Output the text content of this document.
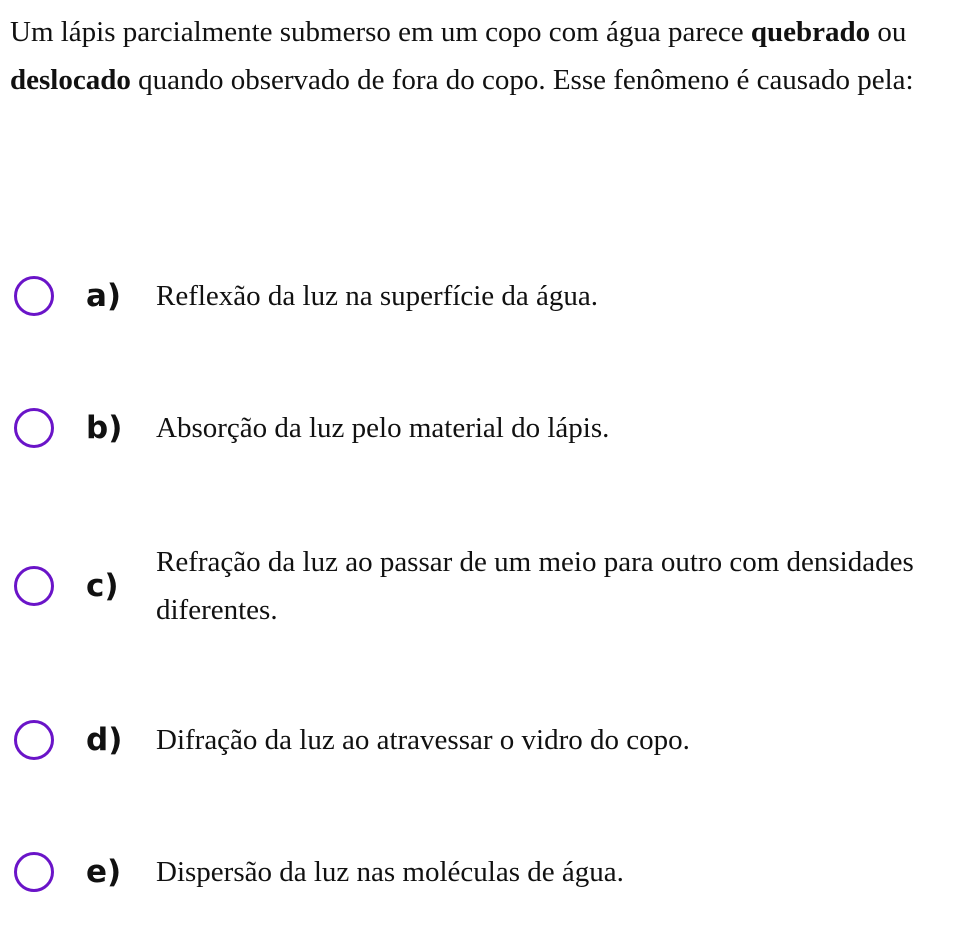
Um lápis parcialmente submerso em um copo com água parece quebrado ou deslocado quando observado de fora do copo. Esse fenômeno é causado pela:

a)	Reflexão da luz na superfície da água.
b)	Absorção da luz pelo material do lápis.
c)
Refração da luz ao passar de um meio para outro com densidades diferentes.
d)	Difração da luz ao atravessar o vidro do copo.
e)	Dispersão da luz nas moléculas de água.
